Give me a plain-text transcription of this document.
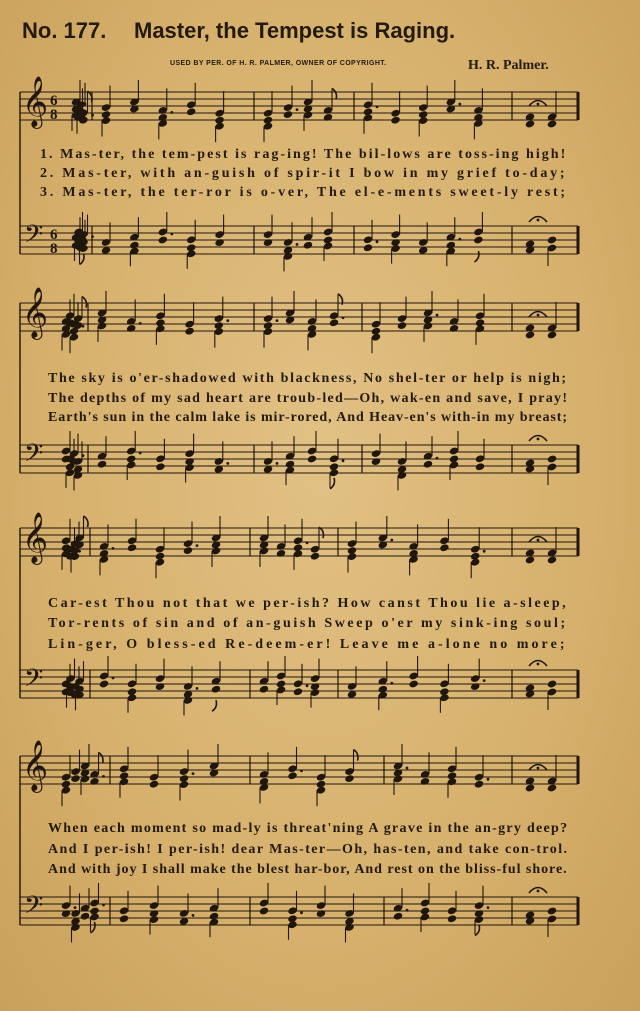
No. 177. Master, the Tempest is Raging.
USED BY PER. OF H. R. PALMER, OWNER OF COPYRIGHT.	H. R. Palmer.
𝄞
𝄢
6
8
6
8
𝄞
𝄢
𝄞
𝄢
𝄞
𝄢
1. Mas-ter, the tem-pest is rag-ing! The bil-lows are toss-ing high!
2. Mas-ter, with an-guish of spir-it I bow in my grief to-day;
3. Mas-ter, the ter-ror is o-ver, The el-e-ments sweet-ly rest;
The sky is o'er-shadowed with blackness, No shel-ter or help is nigh;
The depths of my sad heart are troub-led—Oh, wak-en and save, I pray!
Earth's sun in the calm lake is mir-rored, And Heav-en's with-in my breast;
Car-est Thou not that we per-ish? How canst Thou lie a-sleep,
Tor-rents of sin and of an-guish Sweep o'er my sink-ing soul;
Lin-ger, O bless-ed Re-deem-er! Leave me a-lone no more;
When each moment so mad-ly is threat'ning A grave in the an-gry deep?
And I per-ish! I per-ish! dear Mas-ter—Oh, has-ten, and take con-trol.
And with joy I shall make the blest har-bor, And rest on the bliss-ful shore.
